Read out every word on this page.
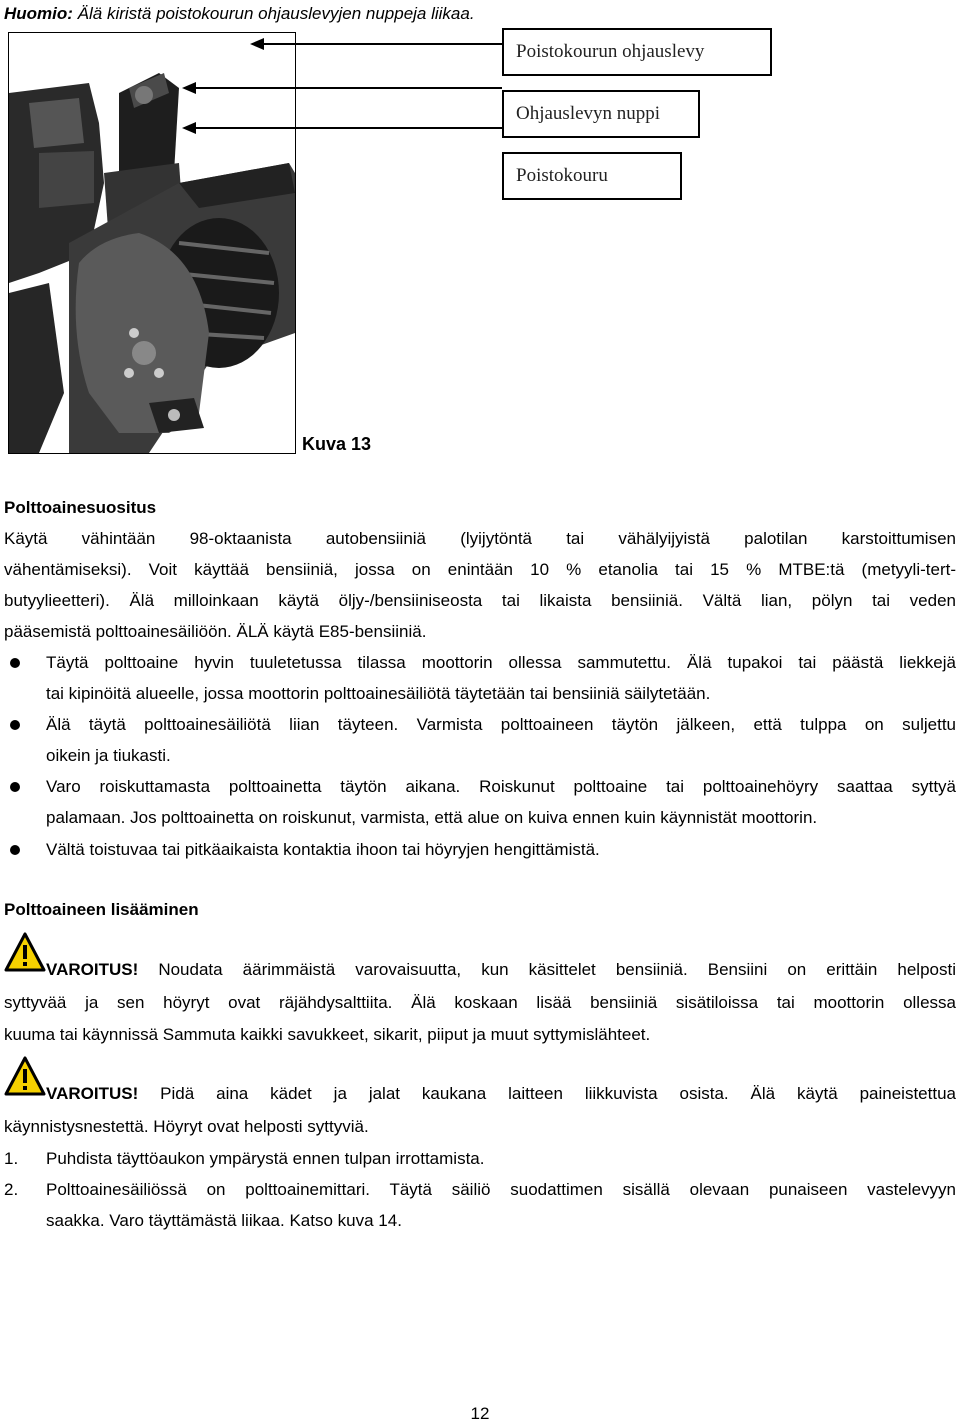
Huomio: Älä kiristä poistokourun ohjauslevyjen nuppeja liikaa.
Poistokourun ohjauslevy
Ohjauslevyn nuppi
Poistokouru
Kuva 13
Polttoainesuositus
Käytä vähintään 98-oktaanista autobensiiniä (lyijytöntä tai vähälyijyistä palotilan karstoittumisen
vähentämiseksi). Voit käyttää bensiiniä, jossa on enintään 10 % etanolia tai 15 % MTBE:tä (metyyli-tert-
butyylieetteri). Älä milloinkaan käytä öljy-/bensiiniseosta tai likaista bensiiniä. Vältä lian, pölyn tai veden
pääsemistä polttoainesäiliöön. ÄLÄ käytä E85-bensiiniä.
Täytä polttoaine hyvin tuuletetussa tilassa moottorin ollessa sammutettu. Älä tupakoi tai päästä liekkejä
tai kipinöitä alueelle, jossa moottorin polttoainesäiliötä täytetään tai bensiiniä säilytetään.
Älä täytä polttoainesäiliötä liian täyteen. Varmista polttoaineen täytön jälkeen, että tulppa on suljettu
oikein ja tiukasti.
Varo roiskuttamasta polttoainetta täytön aikana. Roiskunut polttoaine tai polttoainehöyry saattaa syttyä
palamaan. Jos polttoainetta on roiskunut, varmista, että alue on kuiva ennen kuin käynnistät moottorin.
Vältä toistuvaa tai pitkäaikaista kontaktia ihoon tai höyryjen hengittämistä.
Polttoaineen lisääminen
VAROITUS! Noudata äärimmäistä varovaisuutta, kun käsittelet bensiiniä. Bensiini on erittäin helposti
syttyvää ja sen höyryt ovat räjähdysalttiita. Älä koskaan lisää bensiiniä sisätiloissa tai moottorin ollessa
kuuma tai käynnissä Sammuta kaikki savukkeet, sikarit, piiput ja muut syttymislähteet.
VAROITUS! Pidä aina kädet ja jalat kaukana laitteen liikkuvista osista. Älä käytä paineistettua
käynnistysnestettä. Höyryt ovat helposti syttyviä.
1. Puhdista täyttöaukon ympärystä ennen tulpan irrottamista.
2. Polttoainesäiliössä on polttoainemittari. Täytä säiliö suodattimen sisällä olevaan punaiseen vastelevyyn
saakka. Varo täyttämästä liikaa. Katso kuva 14.
12
